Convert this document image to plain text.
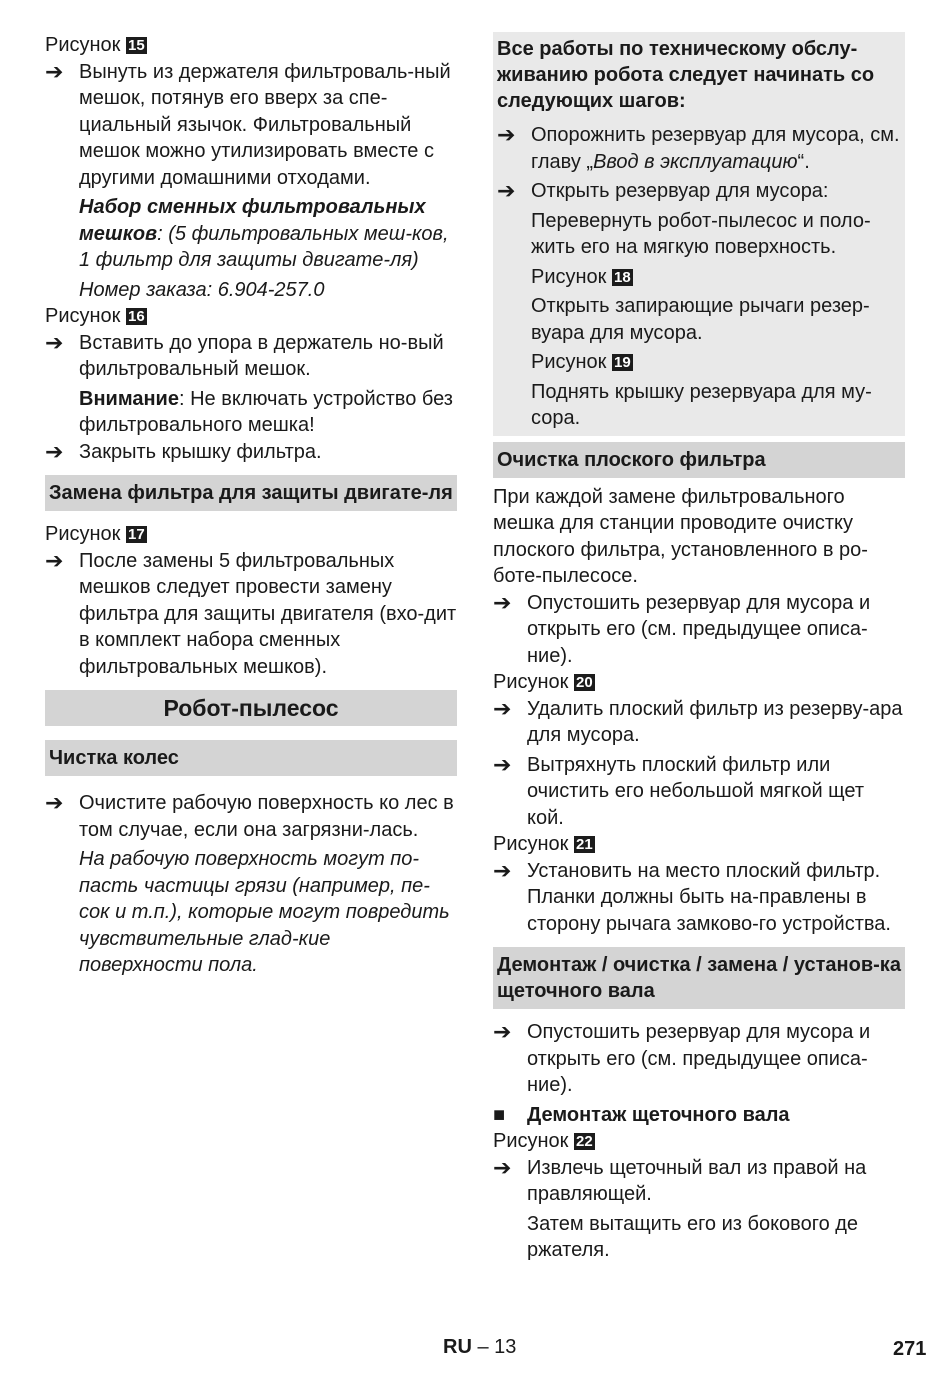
Рисунок 15

➔ Вынуть из держателя фильтроваль-ный мешок, потянув его вверх за спе-циальный язычок. Фильтровальный мешок можно утилизировать вместе с другими домашними отходами.

Набор сменных фильтровальных мешков: (5 фильтровальных меш-ков, 1 фильтр для защиты двигате-ля)

Номер заказа: 6.904-257.0

Рисунок 16

➔ Вставить до упора в держатель но-вый фильтровальный мешок.

Внимание: Не включать устройство без фильтровального мешка!

➔ Закрыть крышку фильтра.

Замена фильтра для защиты двигате-ля

Рисунок 17

➔ После замены 5 фильтровальных мешков следует провести замену фильтра для защиты двигателя (вхо-дит в комплект набора сменных фильтровальных мешков).

Робот-пылесос
Чистка колес

➔ Очистите рабочую поверхность ко лес в том случае, если она загрязни-лась.

На рабочую поверхность могут по-пасть частицы грязи (например, пе-сок и т.п.), которые могут повредить чувствительные глад-кие поверхности пола.

Все работы по техническому обслу-живанию робота следует начинать со следующих шагов:

➔ Опорожнить резервуар для мусора, см. главу „Ввод в эксплуатацию“.

➔ Открыть резервуар для мусора:

Перевернуть робот-пылесос и поло-жить его на мягкую поверхность.

Рисунок 18

Открыть запирающие рычаги резер-вуара для мусора.

Рисунок 19

Поднять крышку резервуара для му-сора.

Очистка плоского фильтра

При каждой замене фильтровального мешка для станции проводите очистку плоского фильтра, установленного в ро-боте-пылесосе.

➔ Опустошить резервуар для мусора и открыть его (см. предыдущее описа-ние).

Рисунок 20

➔ Удалить плоский фильтр из резерву-ара для мусора.

➔ Вытряхнуть плоский фильтр или очистить его небольшой мягкой щет кой.

Рисунок 21

➔ Установить на место плоский фильтр. Планки должны быть на-правлены в сторону рычага замково-го устройства.

Демонтаж / очистка / замена / установ-ка щеточного вала

➔ Опустошить резервуар для мусора и открыть его (см. предыдущее описа-ние).

■ Демонтаж щеточного вала

Рисунок 22

➔ Извлечь щеточный вал из правой на правляющей.

Затем вытащить его из бокового де ржателя.

RU – 13	271
